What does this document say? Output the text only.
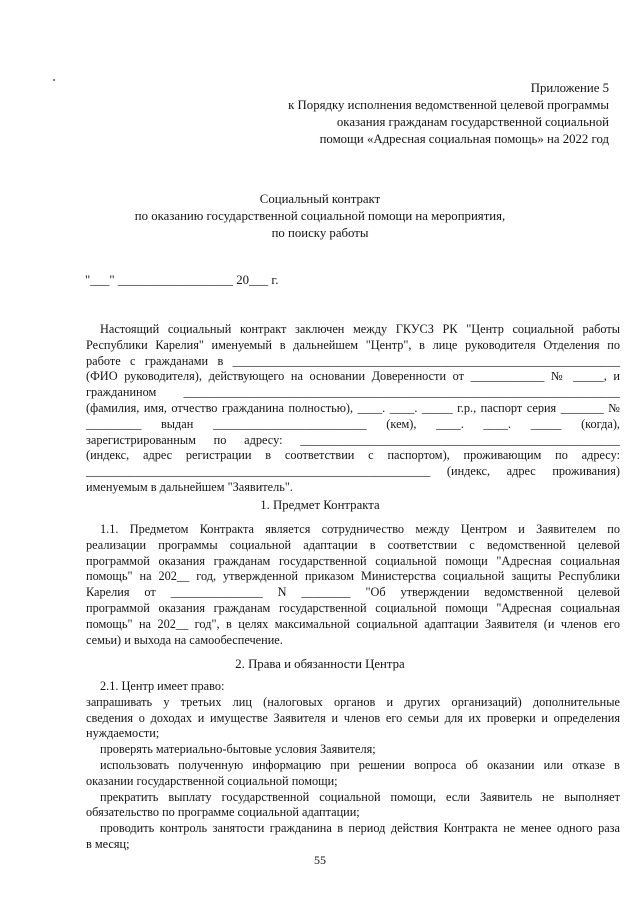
Приложение 5

к Порядку исполнения ведомственной целевой программы

оказания гражданам государственной социальной

помощи «Адресная социальная помощь» на 2022 год

Социальный контракт

по оказанию государственной социальной помощи на мероприятия,

по поиску работы

"___" __________________ 20___ г.

Настоящий социальный контракт заключен между ГКУСЗ РК "Центр социальной работы

Республики Карелия" именуемый в дальнейшем "Центр", в лице руководителя Отделения по

работе с гражданами в _______________________________________________________________

(ФИО руководителя), действующего на основании Доверенности от ____________ № _____, и

гражданином _______________________________________________________________________

(фамилия, имя, отчество гражданина полностью), ____. ____. _____ г.р., паспорт серия _______ №

_________ выдан _________________________ (кем), ____. ____. _____ (когда),

зарегистрированным по адресу: ____________________________________________________

(индекс, адрес регистрации в соответствии с паспортом), проживающим по адресу:

________________________________________________________ (индекс, адрес проживания)

именуемым в дальнейшем "Заявитель".

1. Предмет Контракта

1.1. Предметом Контракта является сотрудничество между Центром и Заявителем по

реализации программы социальной адаптации в соответствии с ведомственной целевой

программой оказания гражданам государственной социальной помощи "Адресная социальная

помощь" на 202__ год, утвержденной приказом Министерства социальной защиты Республики

Карелия от _______________ N ________ "Об утверждении ведомственной целевой

программой оказания гражданам государственной социальной помощи "Адресная социальная

помощь" на 202__ год", в целях максимальной социальной адаптации Заявителя (и членов его

семьи) и выхода на самообеспечение.

2. Права и обязанности Центра

2.1. Центр имеет право:

запрашивать у третьих лиц (налоговых органов и других организаций) дополнительные

сведения о доходах и имуществе Заявителя и членов его семьи для их проверки и определения

нуждаемости;

проверять материально-бытовые условия Заявителя;

использовать полученную информацию при решении вопроса об оказании или отказе в

оказании государственной социальной помощи;

прекратить выплату государственной социальной помощи, если Заявитель не выполняет

обязательство по программе социальной адаптации;

проводить контроль занятости гражданина в период действия Контракта не менее одного раза

в месяц;

55
